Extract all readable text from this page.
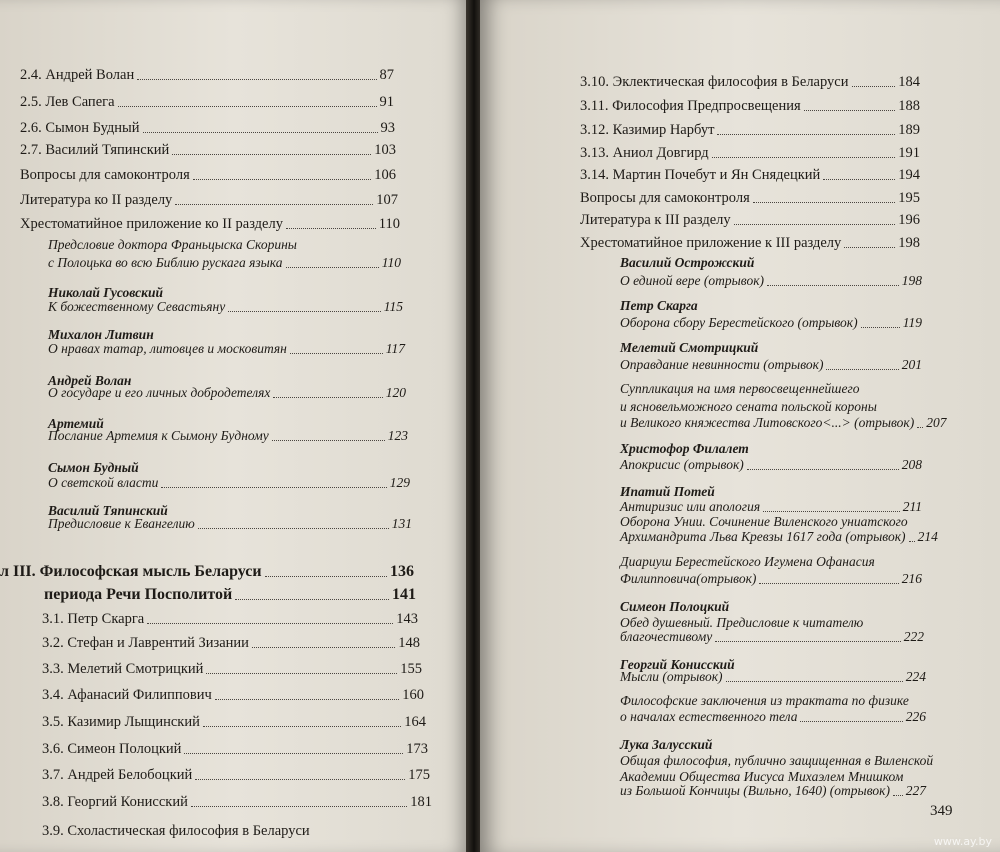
2.4. Андрей Волан	87
2.5. Лев Сапега	91
2.6. Сымон Будный	93
2.7. Василий Тяпинский	103
Вопросы для самоконтроля	106
Литература ко II разделу	107
Хрестоматийное приложение ко II разделу	110
Предсловие доктора Франьцыска Скорины
с Полоцька во всю Библию рускага языка	110
Николай Гусовский
К божественному Севастьяну	115
Михалон Литвин
О нравах татар, литовцев и московитян	117
Андрей Волан
О государе и его личных добродетелях	120
Артемий
Послание Артемия к Сымону Будному	123
Сымон Будный
О светской власти	129
Василий Тяпинский
Предисловие к Евангелию	131
л III. Философская мысль Беларуси	136
периода Речи Посполитой	141
3.1. Петр Скарга	143
3.2. Стефан и Лаврентий Зизании	148
3.3. Мелетий Смотрицкий	155
3.4. Афанасий Филиппович	160
3.5. Казимир Лыщинский	164
3.6. Симеон Полоцкий	173
3.7. Андрей Белобоцкий	175
3.8. Георгий Конисский	181
3.9. Схоластическая философия в Беларуси
3.10. Эклектическая философия в Беларуси	184
3.11. Философия Предпросвещения	188
3.12. Казимир Нарбут	189
3.13. Аниол Довгирд	191
3.14. Мартин Почебут и Ян Снядецкий	194
Вопросы для самоконтроля	195
Литература к III разделу	196
Хрестоматийное приложение к III разделу	198
Василий Острожский
О единой вере (отрывок)	198
Петр Скарга
Оборона сбору Берестейского (отрывок)	119
Мелетий Смотрицкий
Оправдание невинности (отрывок)	201
Суппликация на имя первосвещеннейшего
и ясновельможного сената польской короны
и Великого княжества Литовского<...> (отрывок) 207
Христофор Филалет
Апокрисис (отрывок)	208
Ипатий Потей
Антиризис или апология	211
Оборона Унии. Сочинение Виленского униатского
Архимандрита Льва Кревзы 1617 года (отрывок) 214
Диариуш Берестейского Игумена Офанасия
Филипповича(отрывок)	216
Симеон Полоцкий
Обед душевный. Предисловие к читателю
благочестивому	222
Георгий Конисский
Мысли (отрывок)	224
Философские заключения из трактата по физике
о началах естественного тела	226
Лука Залусский
Общая философия, публично защищенная в Виленской
Академии Общества Иисуса Михаэлем Мнишком
из Большой Кончицы (Вильно, 1640) (отрывок) 227
349
www.ay.by
